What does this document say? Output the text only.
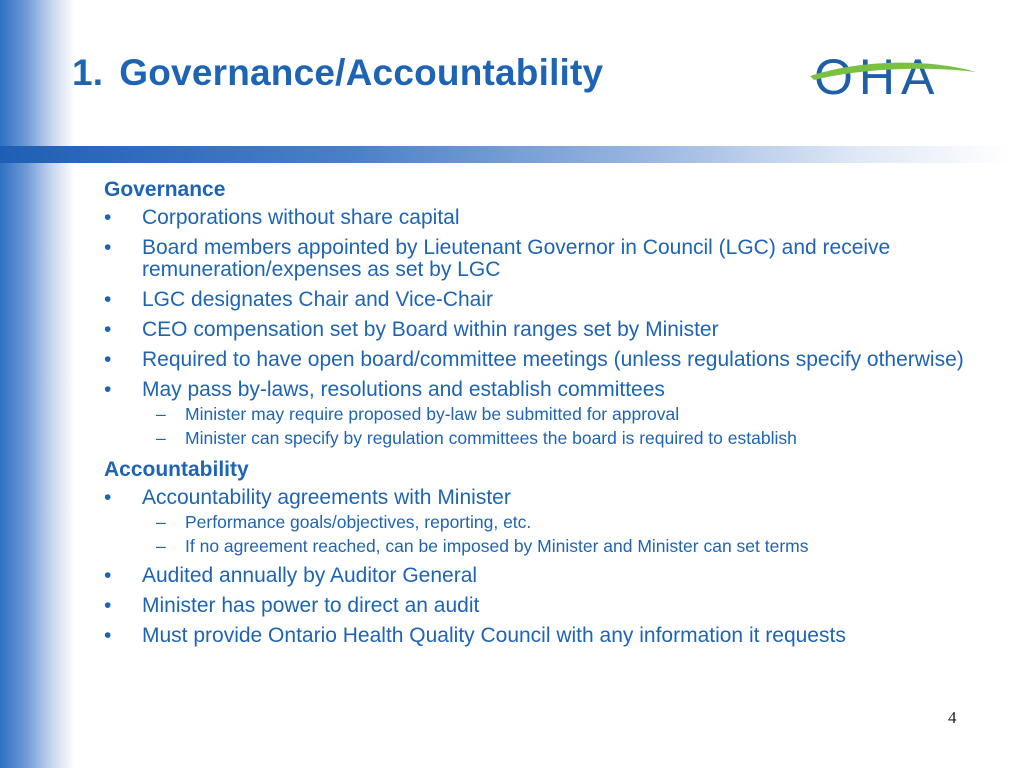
1. Governance/Accountability	OHA
Governance
•	Corporations without share capital
•	Board members appointed by Lieutenant Governor in Council (LGC) and receive remuneration/expenses as set by LGC
•	LGC designates Chair and Vice-Chair
•	CEO compensation set by Board within ranges set by Minister
•	Required to have open board/committee meetings (unless regulations specify otherwise)
•	May pass by-laws, resolutions and establish committees
– Minister may require proposed by-law be submitted for approval
– Minister can specify by regulation committees the board is required to establish
Accountability
•	Accountability agreements with Minister
– Performance goals/objectives, reporting, etc.
– If no agreement reached, can be imposed by Minister and Minister can set terms
•	Audited annually by Auditor General
•	Minister has power to direct an audit
•	Must provide Ontario Health Quality Council with any information it requests
4
